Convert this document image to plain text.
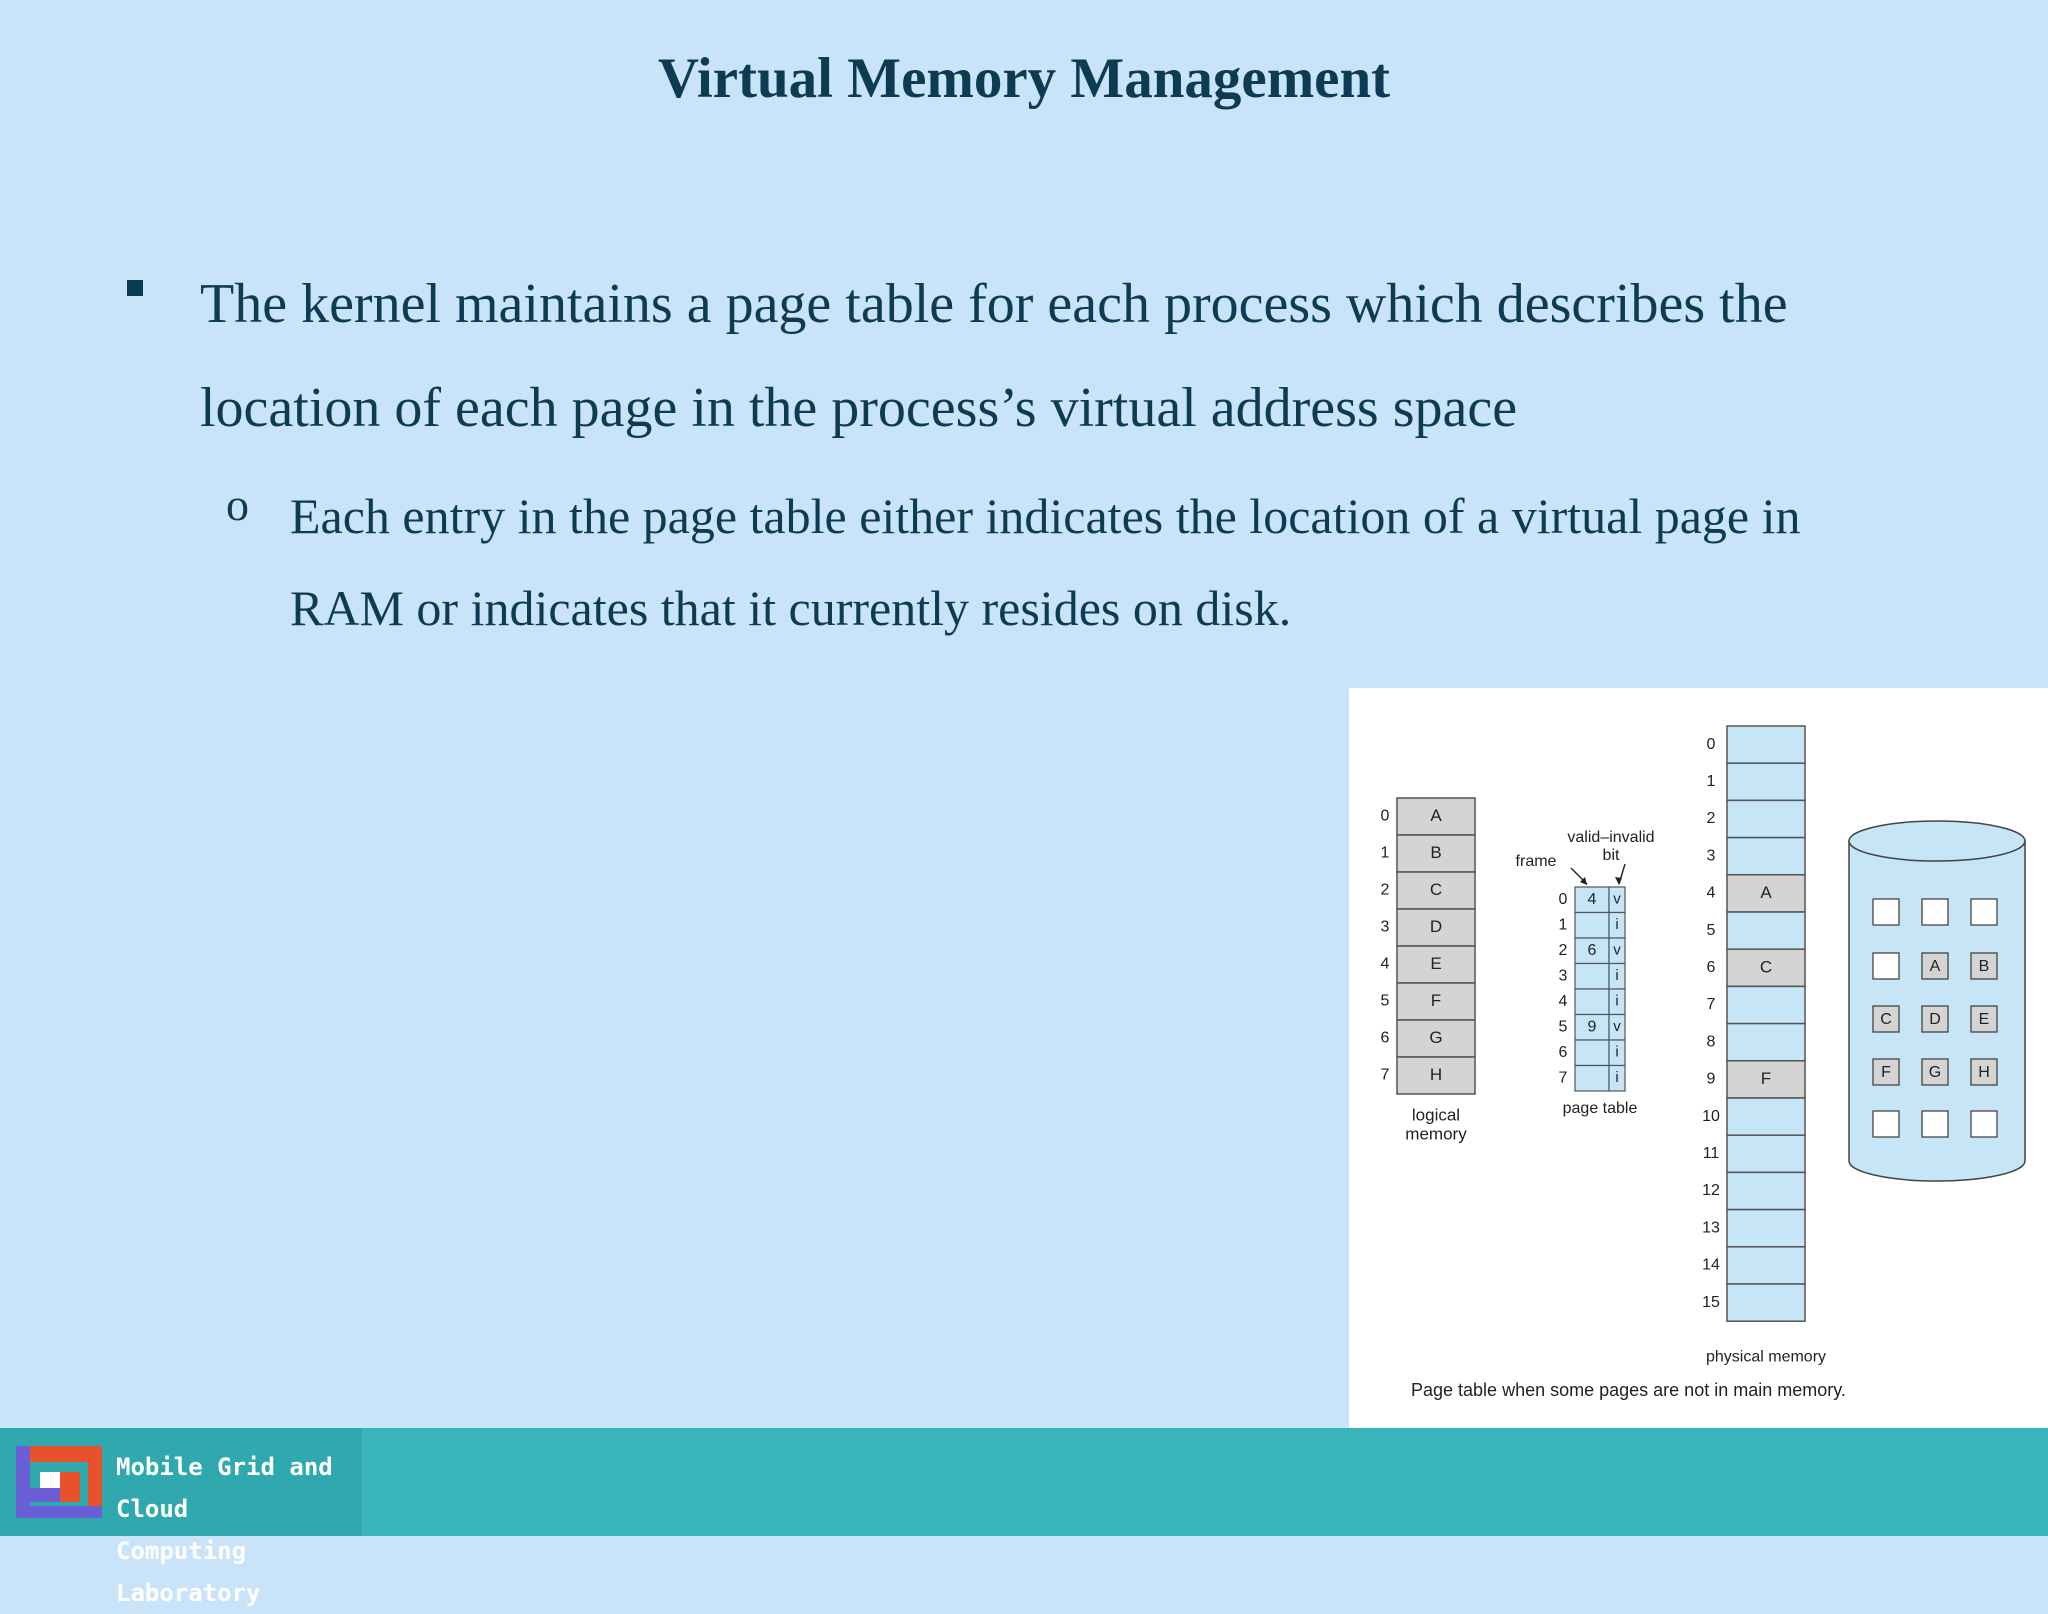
Virtual Memory Management
The kernel maintains a page table for each process which describes the location of each page in the process’s virtual address space
o Each entry in the page table either indicates the location of a virtual page in RAM or indicates that it currently resides on disk.
A
0
B
1
C
2
D
3
E
4
F
5
G
6
H
7
logical
memory
4 v
0
i
1
6 v
2
i
3
i
4
9 v
5
i
6
i
7
frame
valid–invalid
bit
page table
0
1
2
3
A
4
5
C
6
7
8
F
9
10
11
12
13
14
15
physical memory
A B
C D E
F G H
Page table when some pages are not in main memory.
Mobile Grid and Cloud
Computing Laboratory
